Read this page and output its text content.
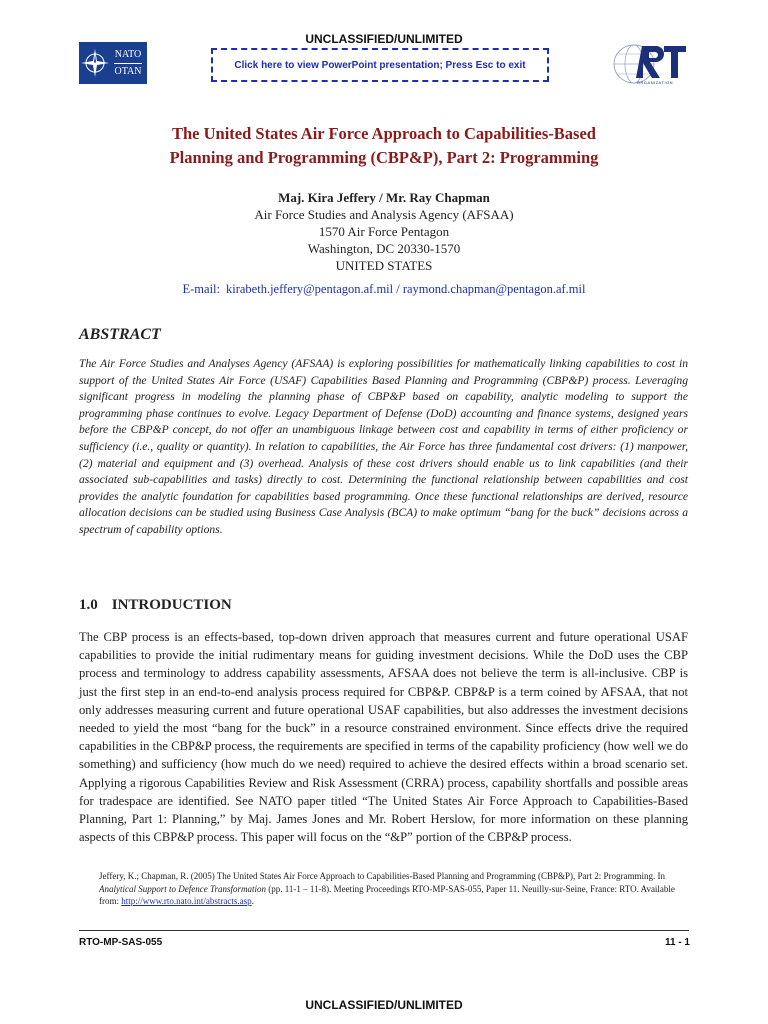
UNCLASSIFIED/UNLIMITED
NATO
OTAN
Click here to view PowerPoint presentation; Press Esc to exit
ORGANIZATION
The United States Air Force Approach to Capabilities-Based
Planning and Programming (CBP&P), Part 2: Programming
Maj. Kira Jeffery / Mr. Ray Chapman
Air Force Studies and Analysis Agency (AFSAA)
1570 Air Force Pentagon
Washington, DC 20330-1570
UNITED STATES
E-mail: kirabeth.jeffery@pentagon.af.mil / raymond.chapman@pentagon.af.mil
ABSTRACT

The Air Force Studies and Analyses Agency (AFSAA) is exploring possibilities for mathematically linking capabilities to cost in support of the United States Air Force (USAF) Capabilities Based Planning and Programming (CBP&P) process. Leveraging significant progress in modeling the planning phase of CBP&P based on capability, analytic modeling to support the programming phase continues to evolve. Legacy Department of Defense (DoD) accounting and finance systems, designed years before the CBP&P concept, do not offer an unambiguous linkage between cost and capability in terms of either proficiency or sufficiency (i.e., quality or quantity). In relation to capabilities, the Air Force has three fundamental cost drivers: (1) manpower, (2) material and equipment and (3) overhead. Analysis of these cost drivers should enable us to link capabilities (and their associated sub-capabilities and tasks) directly to cost. Determining the functional relationship between capabilities and cost provides the analytic foundation for capabilities based programming. Once these functional relationships are derived, resource allocation decisions can be studied using Business Case Analysis (BCA) to make optimum “bang for the buck” decisions across a spectrum of capability options.

1.0 INTRODUCTION

The CBP process is an effects-based, top-down driven approach that measures current and future operational USAF capabilities to provide the initial rudimentary means for guiding investment decisions. While the DoD uses the CBP process and terminology to address capability assessments, AFSAA does not believe the term is all-inclusive. CBP is just the first step in an end-to-end analysis process required for CBP&P. CBP&P is a term coined by AFSAA, that not only addresses measuring current and future operational USAF capabilities, but also addresses the investment decisions needed to yield the most “bang for the buck” in a resource constrained environment. Since effects drive the required capabilities in the CBP&P process, the requirements are specified in terms of the capability proficiency (how well we do something) and sufficiency (how much do we need) required to achieve the desired effects within a broad scenario set. Applying a rigorous Capabilities Review and Risk Assessment (CRRA) process, capability shortfalls and possible areas for tradespace are identified. See NATO paper titled “The United States Air Force Approach to Capabilities-Based Planning, Part 1: Planning,” by Maj. James Jones and Mr. Robert Herslow, for more information on these planning aspects of this CBP&P process. This paper will focus on the “&P” portion of the CBP&P process.

Jeffery, K.; Chapman, R. (2005) The United States Air Force Approach to Capabilities-Based Planning and Programming (CBP&P), Part 2: Programming. In Analytical Support to Defence Transformation (pp. 11-1 – 11-8). Meeting Proceedings RTO-MP-SAS-055, Paper 11. Neuilly-sur-Seine, France: RTO. Available from: http://www.rto.nato.int/abstracts.asp.

RTO-MP-SAS-055	11 - 1
UNCLASSIFIED/UNLIMITED
